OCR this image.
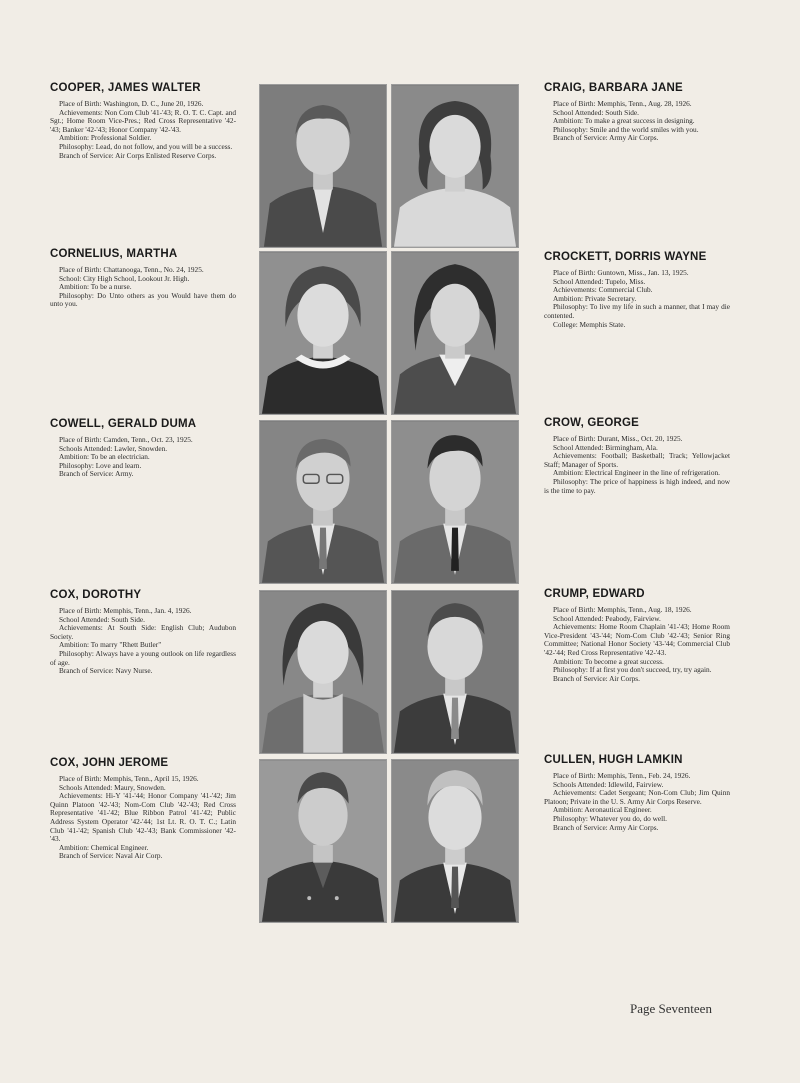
COOPER, JAMES WALTER

Place of Birth: Washington, D. C., June 20, 1926.

Achievements: Non Com Club '41-'43; R. O. T. C. Capt. and Sgt.; Home Room Vice-Pres.; Red Cross Representative '42-'43; Banker '42-'43; Honor Company '42-'43.

Ambition: Professional Soldier.

Philosophy: Lead, do not follow, and you will be a success.

Branch of Service: Air Corps Enlisted Reserve Corps.

CORNELIUS, MARTHA

Place of Birth: Chattanooga, Tenn., No. 24, 1925.

School: City High School, Lookout Jr. High.

Ambition: To be a nurse.

Philosophy: Do Unto others as you Would have them do unto you.

COWELL, GERALD DUMA

Place of Birth: Camden, Tenn., Oct. 23, 1925.

Schools Attended: Lawler, Snowden.

Ambition: To be an electrician.

Philosophy: Love and learn.

Branch of Service: Army.

COX, DOROTHY

Place of Birth: Memphis, Tenn., Jan. 4, 1926.

School Attended: South Side.

Achievements: At South Side: English Club; Audubon Society.

Ambition: To marry "Rhett Butler"

Philosophy: Always have a young outlook on life regardless of age.

Branch of Service: Navy Nurse.

COX, JOHN JEROME

Place of Birth: Memphis, Tenn., April 15, 1926.

Schools Attended: Maury, Snowden.

Achievements: Hi-Y '41-'44; Honor Company '41-'42; Jim Quinn Platoon '42-'43; Nom-Com Club '42-'43; Red Cross Representative '41-'42; Blue Ribbon Patrol '41-'42; Public Address System Operator '42-'44; 1st Lt. R. O. T. C.; Latin Club '41-'42; Spanish Club '42-'43; Bank Commissioner '42-'43.

Ambition: Chemical Engineer.

Branch of Service: Naval Air Corp.

CRAIG, BARBARA JANE

Place of Birth: Memphis, Tenn., Aug. 28, 1926.

School Attended: South Side.

Ambition: To make a great success in designing.

Philosophy: Smile and the world smiles with you.

Branch of Service: Army Air Corps.

CROCKETT, DORRIS WAYNE

Place of Birth: Guntown, Miss., Jan. 13, 1925.

School Attended: Tupelo, Miss.

Achievements: Commercial Club.

Ambition: Private Secretary.

Philosophy: To live my life in such a manner, that I may die contented.

College: Memphis State.

CROW, GEORGE

Place of Birth: Durant, Miss., Oct. 20, 1925.

School Attended: Birmingham, Ala.

Achievements: Football; Basketball; Track; Yellowjacket Staff; Manager of Sports.

Ambition: Electrical Engineer in the line of refrigeration.

Philosophy: The price of happiness is high indeed, and now is the time to pay.

CRUMP, EDWARD

Place of Birth: Memphis, Tenn., Aug. 18, 1926.

School Attended: Peabody, Fairview.

Achievements: Home Room Chaplain '41-'43; Home Room Vice-President '43-'44; Nom-Com Club '42-'43; Senior Ring Committee; National Honor Society '43-'44; Commercial Club '42-'44; Red Cross Representative '42-'43.

Ambition: To become a great success.

Philosophy: If at first you don't succeed, try, try again.

Branch of Service: Air Corps.

CULLEN, HUGH LAMKIN

Place of Birth: Memphis, Tenn., Feb. 24, 1926.

Schools Attended: Idlewild, Fairview.

Achievements: Cadet Sergeant; Non-Com Club; Jim Quinn Platoon; Private in the U. S. Army Air Corps Reserve.

Ambition: Aeronautical Engineer.

Philosophy: Whatever you do, do well.

Branch of Service: Army Air Corps.

Page Seventeen
